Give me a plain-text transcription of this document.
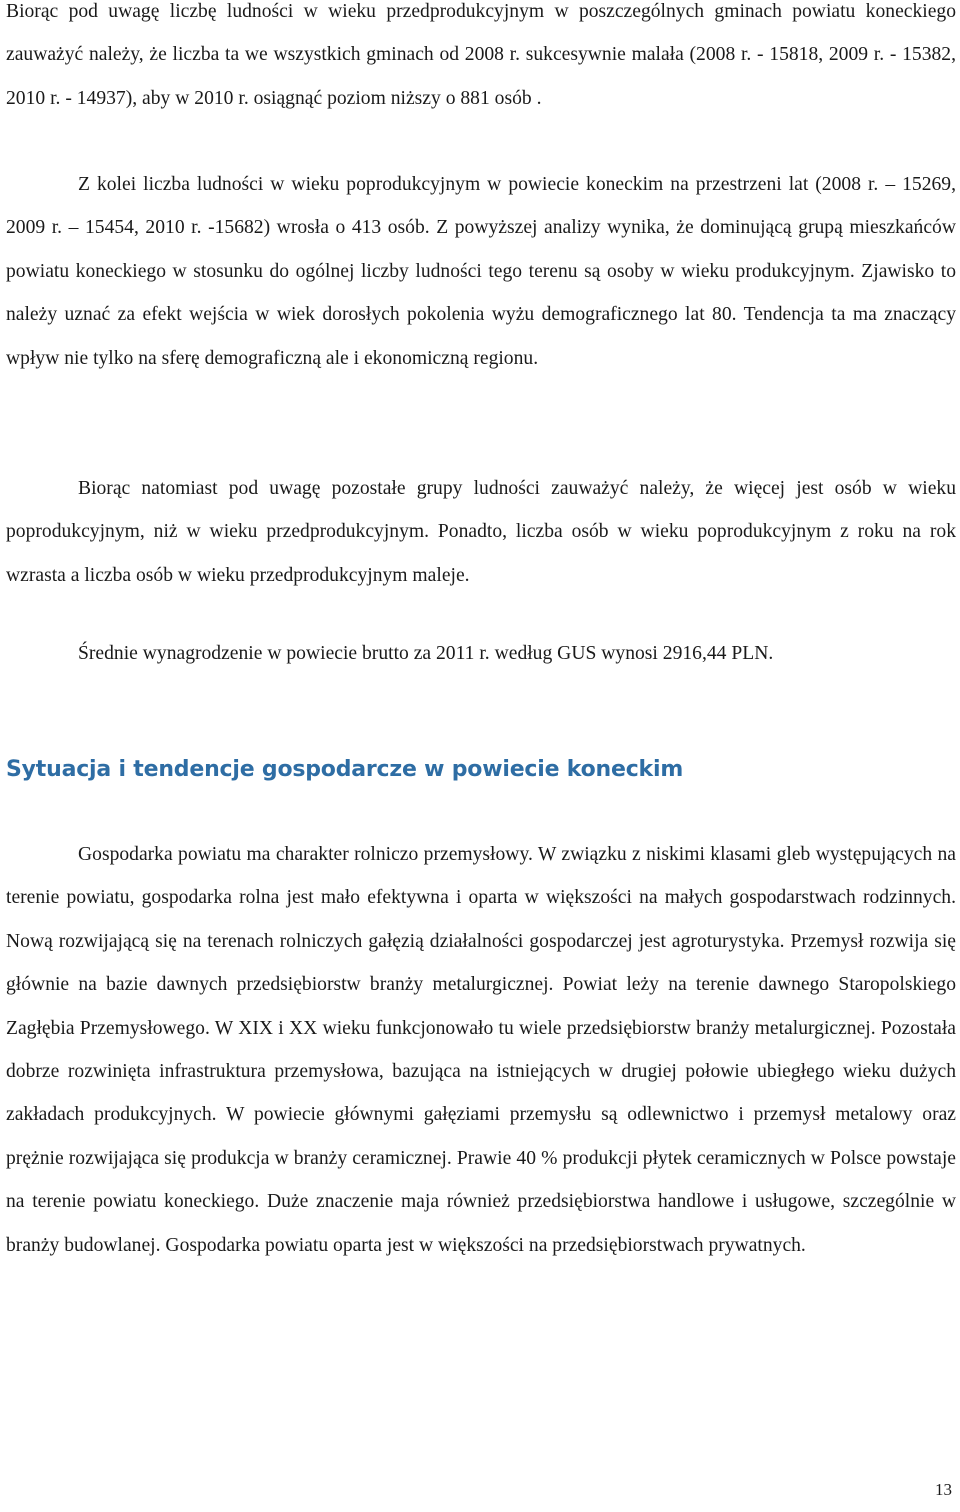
Biorąc pod uwagę liczbę ludności w wieku przedprodukcyjnym w poszczególnych gminach powiatu koneckiego zauważyć należy, że liczba ta we wszystkich gminach od 2008 r. sukcesywnie malała (2008 r. - 15818, 2009 r. - 15382, 2010 r. - 14937), aby w 2010 r. osiągnąć poziom niższy o 881 osób .

Z kolei liczba ludności w wieku poprodukcyjnym w powiecie koneckim na przestrzeni lat (2008 r. – 15269, 2009 r. – 15454, 2010 r. -15682) wrosła o 413 osób. Z powyższej analizy wynika, że dominującą grupą mieszkańców powiatu koneckiego w stosunku do ogólnej liczby ludności tego terenu są osoby w wieku produkcyjnym. Zjawisko to należy uznać za efekt wejścia w wiek dorosłych pokolenia wyżu demograficznego lat 80. Tendencja ta ma znaczący wpływ nie tylko na sferę demograficzną ale i ekonomiczną regionu.

Biorąc natomiast pod uwagę pozostałe grupy ludności zauważyć należy, że więcej jest osób w wieku poprodukcyjnym, niż w wieku przedprodukcyjnym. Ponadto, liczba osób w wieku poprodukcyjnym z roku na rok wzrasta a liczba osób w wieku przedprodukcyjnym maleje.

Średnie wynagrodzenie w powiecie brutto za 2011 r. według GUS wynosi 2916,44 PLN.

Sytuacja i tendencje gospodarcze w powiecie koneckim

Gospodarka powiatu ma charakter rolniczo przemysłowy. W związku z niskimi klasami gleb występujących na terenie powiatu, gospodarka rolna jest mało efektywna i oparta w większości na małych gospodarstwach rodzinnych. Nową rozwijającą się na terenach rolniczych gałęzią działalności gospodarczej jest agroturystyka. Przemysł rozwija się głównie na bazie dawnych przedsiębiorstw branży metalurgicznej. Powiat leży na terenie dawnego Staropolskiego Zagłębia Przemysłowego. W XIX i XX wieku funkcjonowało tu wiele przedsiębiorstw branży metalurgicznej. Pozostała dobrze rozwinięta infrastruktura przemysłowa, bazująca na istniejących w drugiej połowie ubiegłego wieku dużych zakładach produkcyjnych. W powiecie głównymi gałęziami przemysłu są odlewnictwo i przemysł metalowy oraz prężnie rozwijająca się produkcja w branży ceramicznej. Prawie 40 % produkcji płytek ceramicznych w Polsce powstaje na terenie powiatu koneckiego. Duże znaczenie maja również przedsiębiorstwa handlowe i usługowe, szczególnie w branży budowlanej. Gospodarka powiatu oparta jest w większości na przedsiębiorstwach prywatnych.

13
